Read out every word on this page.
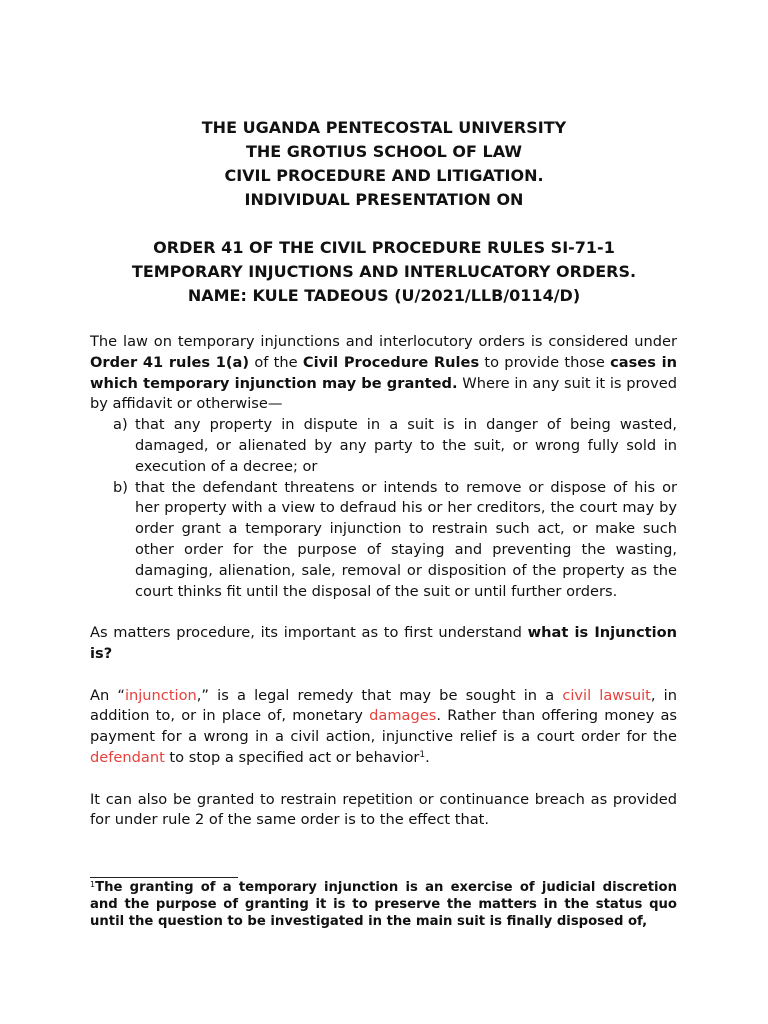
THE UGANDA PENTECOSTAL UNIVERSITY
THE GROTIUS SCHOOL OF LAW
CIVIL PROCEDURE AND LITIGATION.
INDIVIDUAL PRESENTATION ON
ORDER 41 OF THE CIVIL PROCEDURE RULES SI-71-1
TEMPORARY INJUCTIONS AND INTERLUCATORY ORDERS.
NAME: KULE TADEOUS (U/2021/LLB/0114/D)

The law on temporary injunctions and interlocutory orders is considered under Order 41 rules 1(a) of the Civil Procedure Rules to provide those cases in which temporary injunction may be granted. Where in any suit it is proved by affidavit or otherwise—

a) that any property in dispute in a suit is in danger of being wasted, damaged, or alienated by any party to the suit, or wrong fully sold in execution of a decree; or
b) that the defendant threatens or intends to remove or dispose of his or her property with a view to defraud his or her creditors, the court may by order grant a temporary injunction to restrain such act, or make such other order for the purpose of staying and preventing the wasting, damaging, alienation, sale, removal or disposition of the property as the court thinks fit until the disposal of the suit or until further orders.

As matters procedure, its important as to first understand what is Injunction is?

An “injunction,” is a legal remedy that may be sought in a civil lawsuit, in addition to, or in place of, monetary damages. Rather than offering money as payment for a wrong in a civil action, injunctive relief is a court order for the defendant to stop a specified act or behavior$^1$.

It can also be granted to restrain repetition or continuance breach as provided for under rule 2 of the same order is to the effect that.

$^1$The granting of a temporary injunction is an exercise of judicial discretion and the purpose of granting it is to preserve the matters in the status quo until the question to be investigated in the main suit is finally disposed of,
